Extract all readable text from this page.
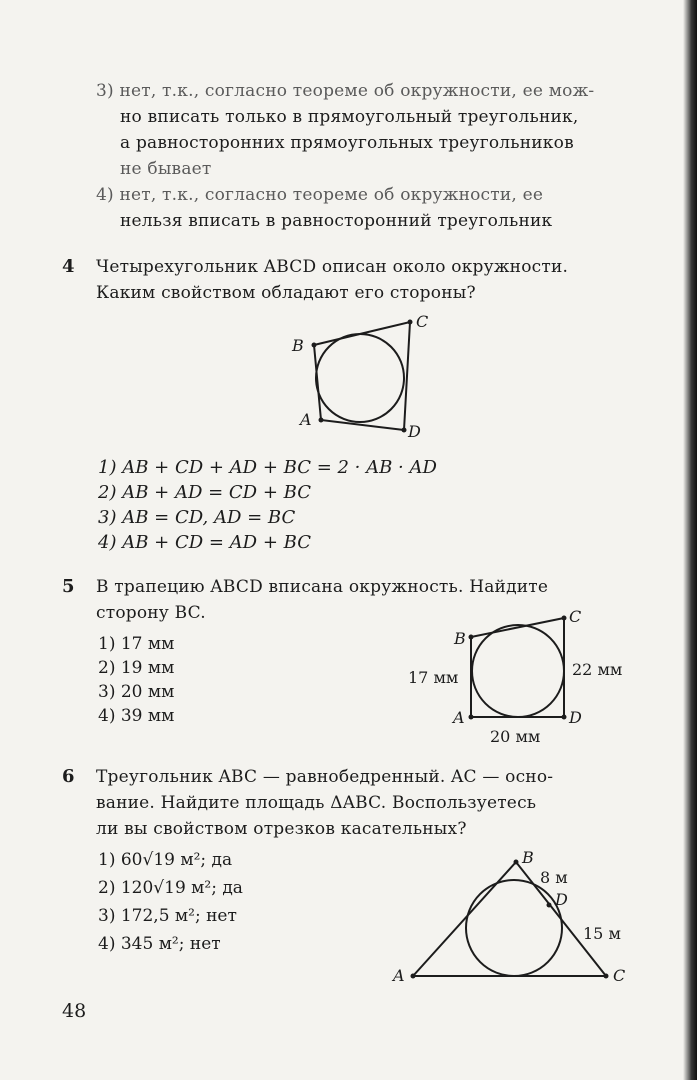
3) нет, т.к., согласно теореме об окружности, ее мож-
но вписать только в прямоугольный треугольник,
а равносторонних прямоугольных треугольников
не бывает
4) нет, т.к., согласно теореме об окружности, ее
нельзя вписать в равносторонний треугольник
4 Четырехугольник ABCD описан около окружности.
Каким свойством обладают его стороны?
A
B
C
D
1) AB + CD + AD + BC = 2 · AB · AD
2) AB + AD = CD + BC
3) AB = CD, AD = BC
4) AB + CD = AD + BC
5 В трапецию ABCD вписана окружность. Найдите
сторону BC.
1) 17 мм
2) 19 мм
3) 20 мм
4) 39 мм	A
B
C
D
17 мм	22 мм
20 мм
6 Треугольник ABC — равнобедренный. AC — осно-
вание. Найдите площадь ΔABC. Воспользуетесь
ли вы свойством отрезков касательных?
1) 60√19 м²; да
2) 120√19 м²; да
3) 172,5 м²; нет
4) 345 м²; нет
A
B
C
D
8 м
15 м
48
